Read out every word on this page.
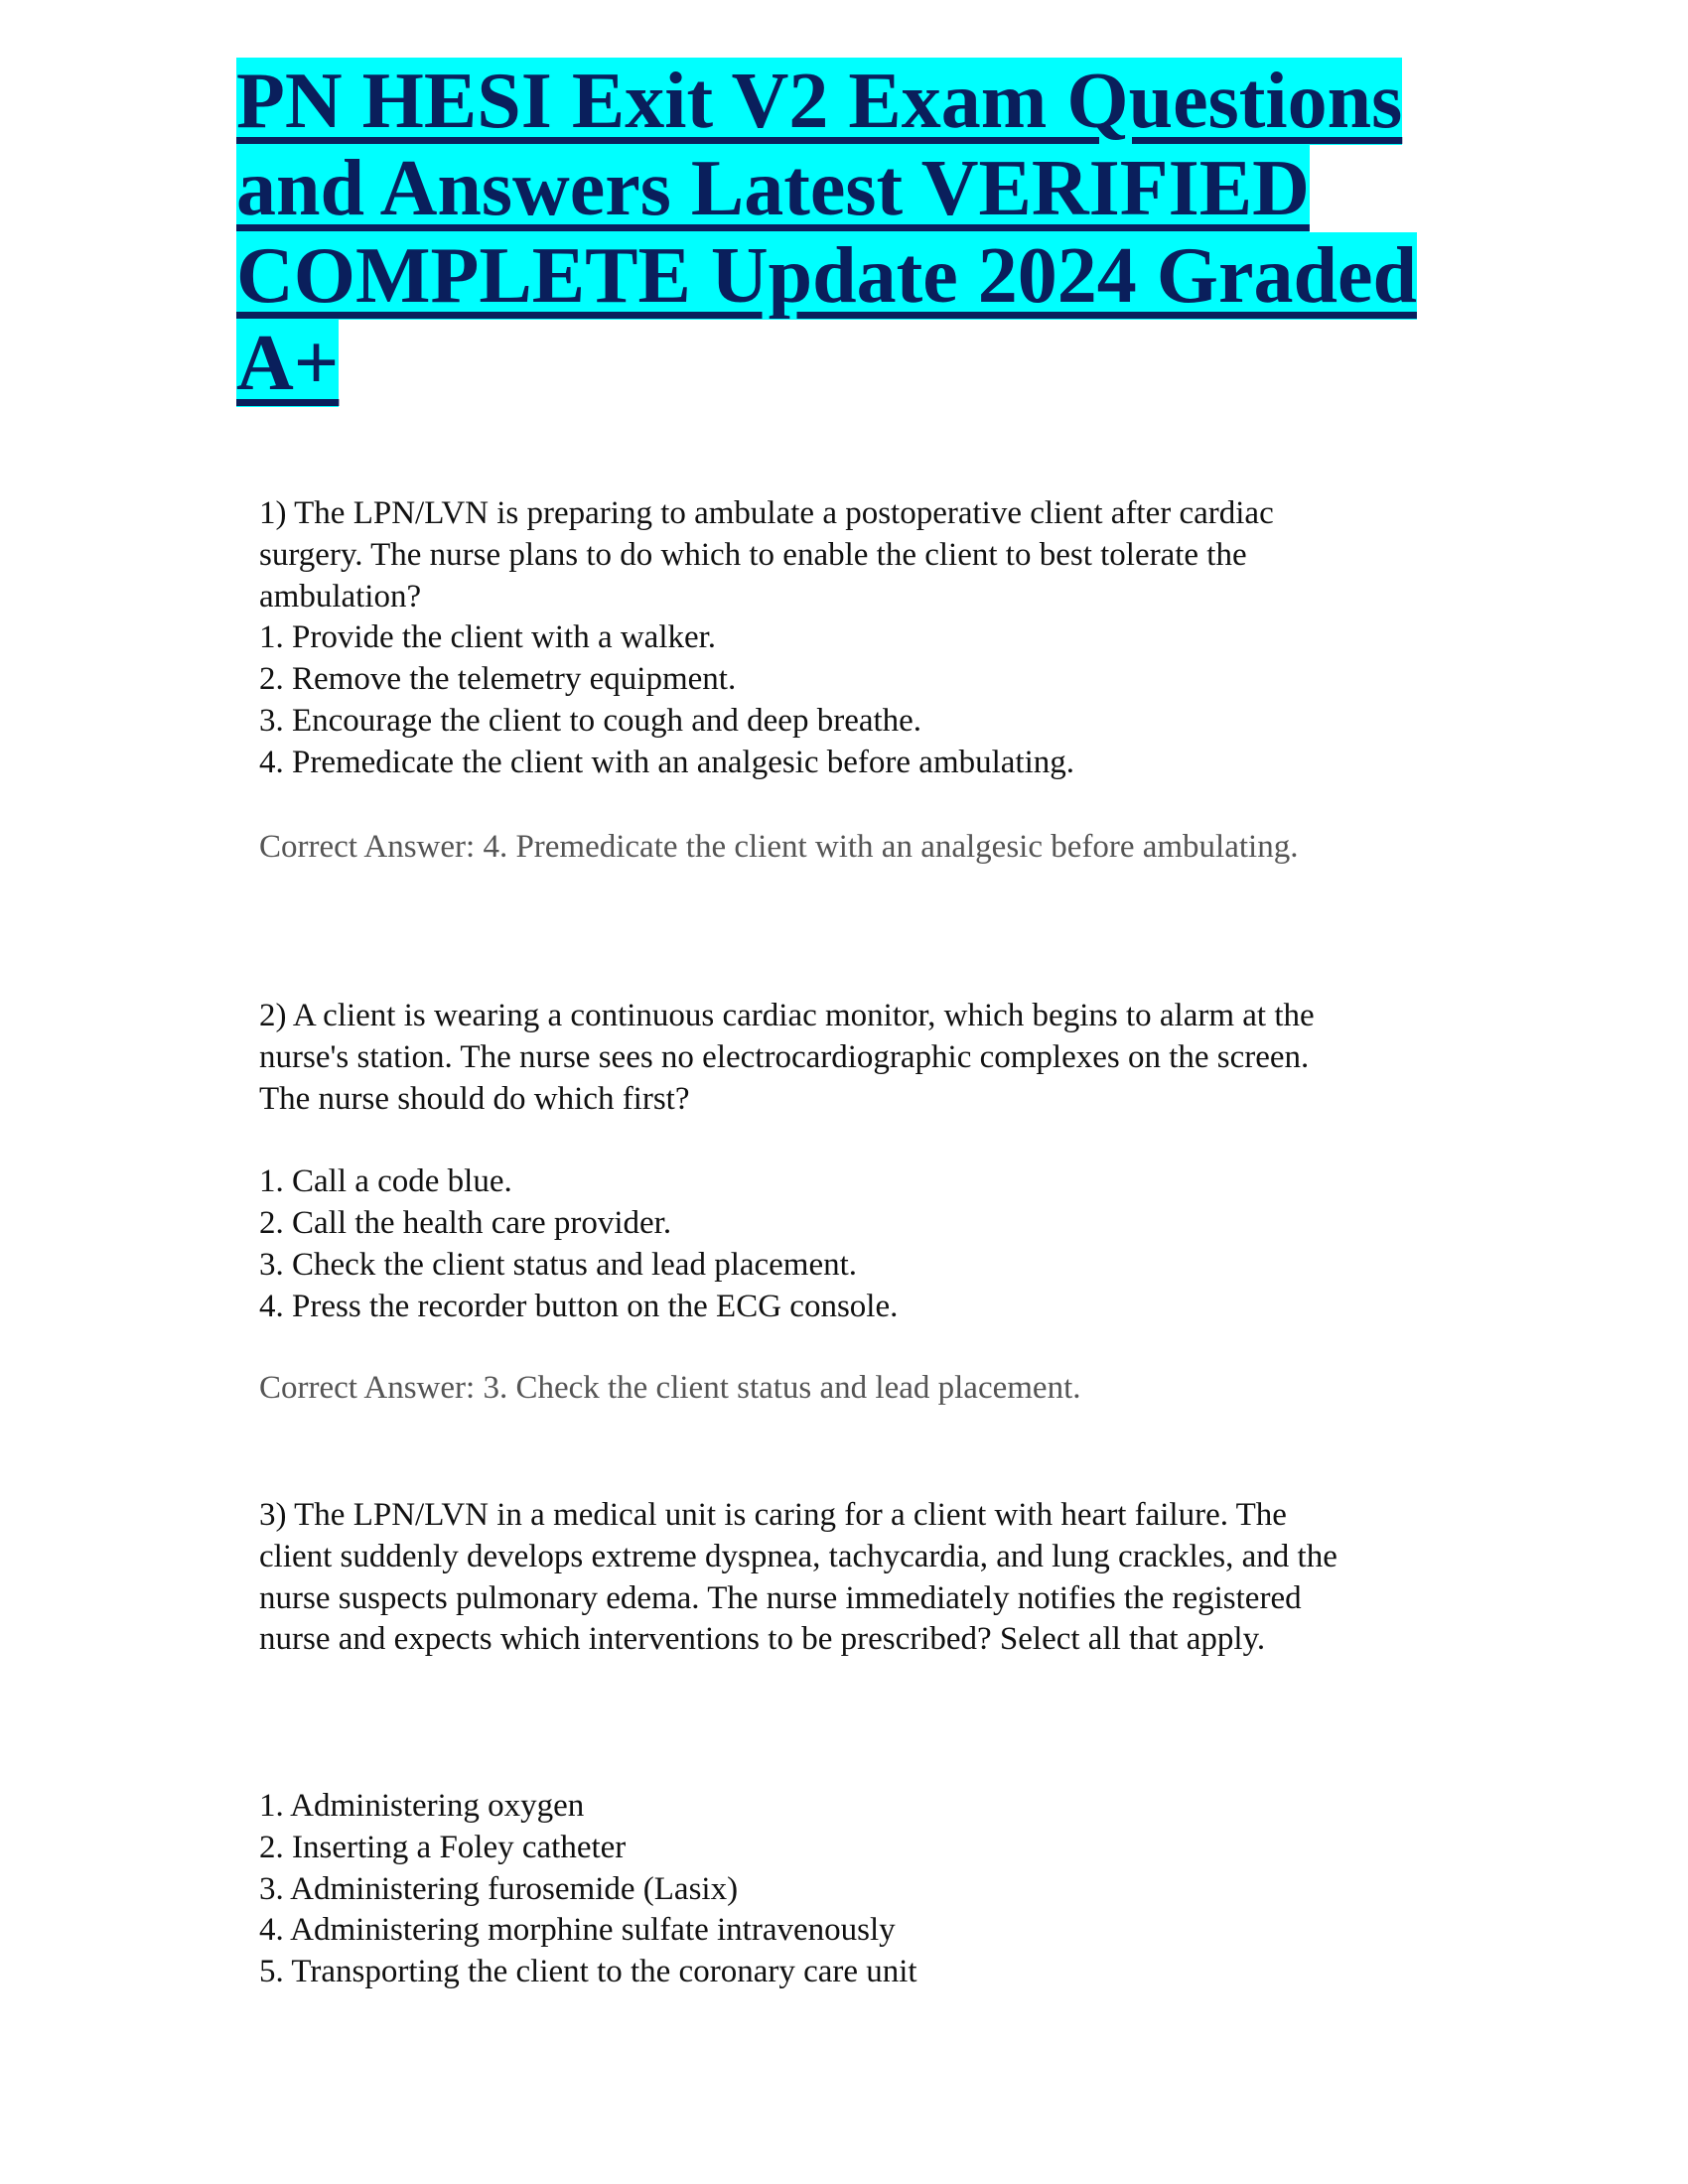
PN HESI Exit V2 Exam Questions and Answers Latest VERIFIED COMPLETE Update 2024 Graded A+
1) The LPN/LVN is preparing to ambulate a postoperative client after cardiac surgery. The nurse plans to do which to enable the client to best tolerate the ambulation?
1. Provide the client with a walker.
2. Remove the telemetry equipment.
3. Encourage the client to cough and deep breathe.
4. Premedicate the client with an analgesic before ambulating.
Correct Answer: 4. Premedicate the client with an analgesic before ambulating.
2) A client is wearing a continuous cardiac monitor, which begins to alarm at the nurse's station. The nurse sees no electrocardiographic complexes on the screen. The nurse should do which first?
1. Call a code blue.
2. Call the health care provider.
3. Check the client status and lead placement.
4. Press the recorder button on the ECG console.
Correct Answer: 3. Check the client status and lead placement.
3) The LPN/LVN in a medical unit is caring for a client with heart failure. The client suddenly develops extreme dyspnea, tachycardia, and lung crackles, and the nurse suspects pulmonary edema. The nurse immediately notifies the registered nurse and expects which interventions to be prescribed? Select all that apply.
1. Administering oxygen
2. Inserting a Foley catheter
3. Administering furosemide (Lasix)
4. Administering morphine sulfate intravenously
5. Transporting the client to the coronary care unit
